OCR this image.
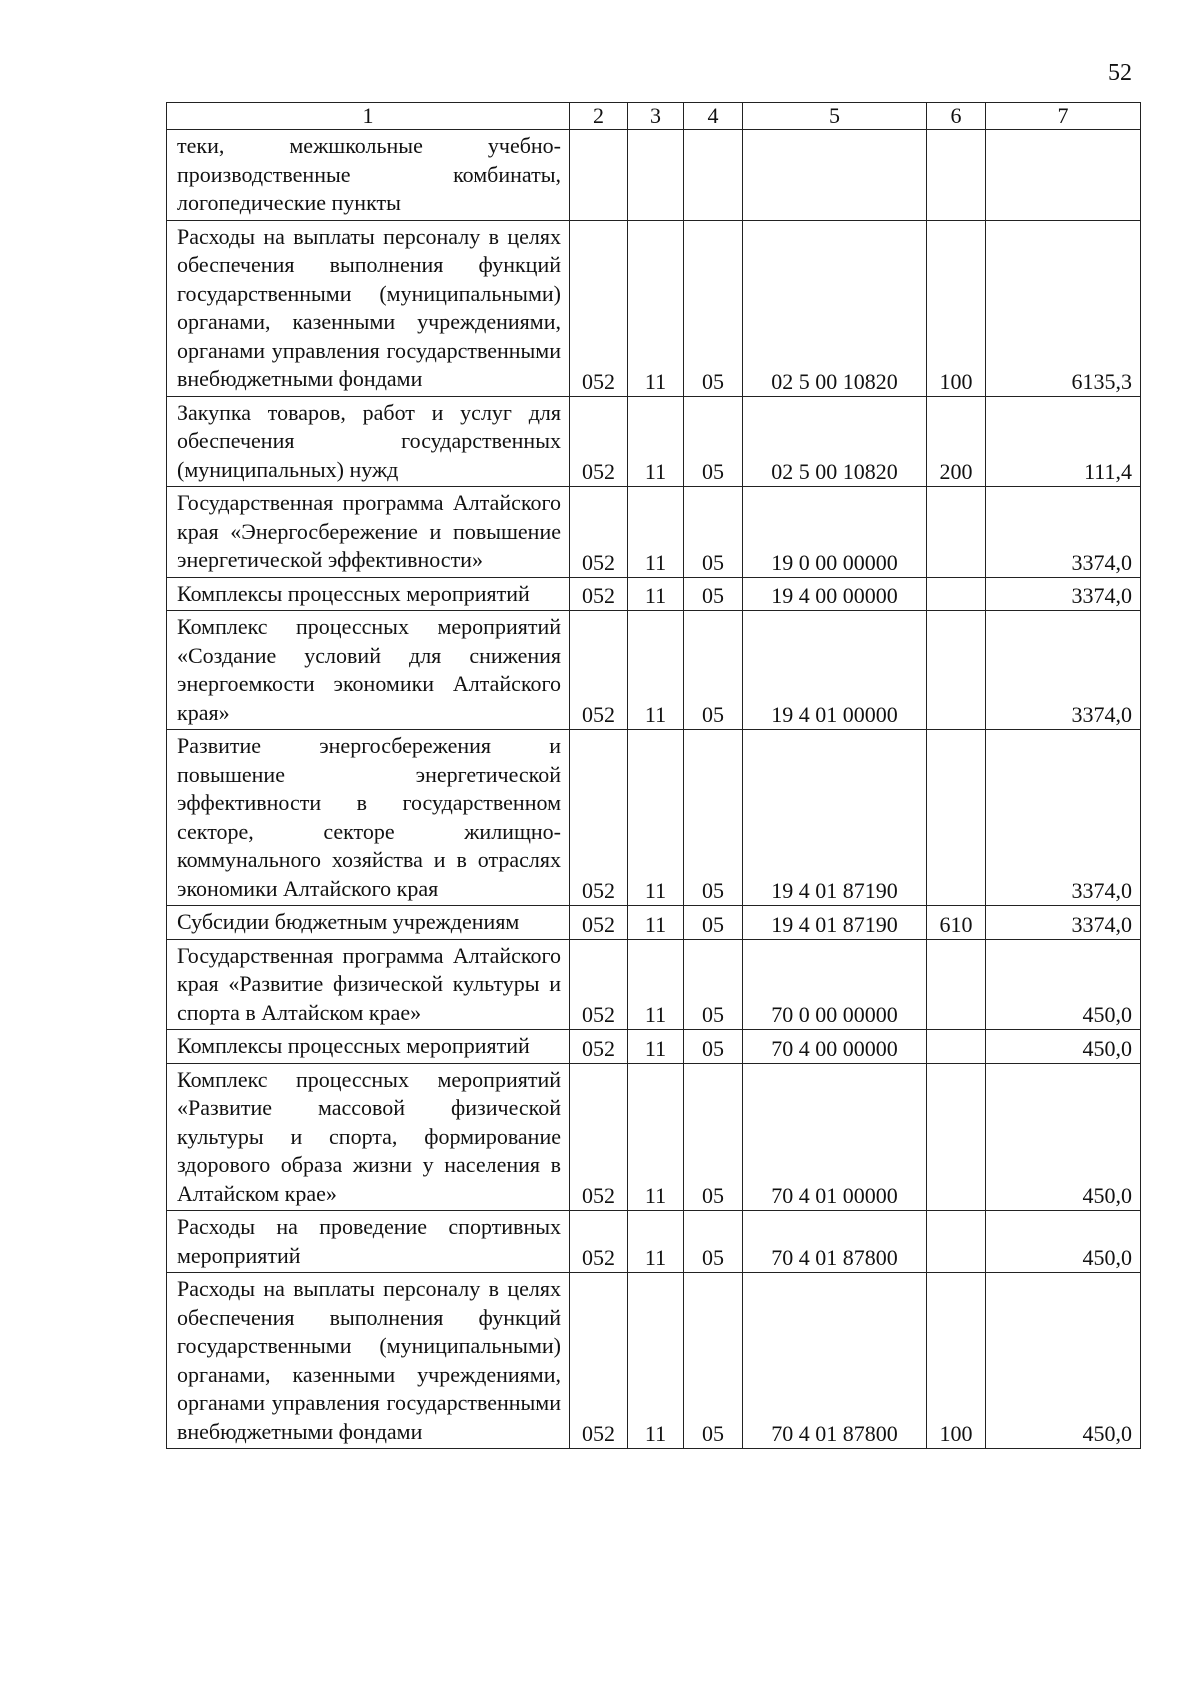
52
1	2	3	4	5	6	7
теки, межшкольные учебно-производственные комбинаты, логопедические пункты						
Расходы на выплаты персоналу в целях обеспечения выполнения функций государственными (муниципальными) органами, казенными учреждениями, органами управления государственными внебюджетными фондами	052	11	05	02 5 00 10820	100	6135,3
Закупка товаров, работ и услуг для обеспечения государственных (муниципальных) нужд	052	11	05	02 5 00 10820	200	111,4
Государственная программа Алтайского края «Энергосбережение и повышение энергетической эффективности»	052	11	05	19 0 00 00000		3374,0
Комплексы процессных мероприятий	052	11	05	19 4 00 00000		3374,0
Комплекс процессных мероприятий «Создание условий для снижения энергоемкости экономики Алтайского края»	052	11	05	19 4 01 00000		3374,0
Развитие энергосбережения и повышение энергетической эффективности в государственном секторе, секторе жилищно-коммунального хозяйства и в отраслях экономики Алтайского края	052	11	05	19 4 01 87190		3374,0
Субсидии бюджетным учреждениям	052	11	05	19 4 01 87190	610	3374,0
Государственная программа Алтайского края «Развитие физической культуры и спорта в Алтайском крае»	052	11	05	70 0 00 00000		450,0
Комплексы процессных мероприятий	052	11	05	70 4 00 00000		450,0
Комплекс процессных мероприятий «Развитие массовой физической культуры и спорта, формирование здорового образа жизни у населения в Алтайском крае»	052	11	05	70 4 01 00000		450,0
Расходы на проведение спортивных мероприятий	052	11	05	70 4 01 87800		450,0
Расходы на выплаты персоналу в целях обеспечения выполнения функций государственными (муниципальными) органами, казенными учреждениями, органами управления государственными внебюджетными фондами	052	11	05	70 4 01 87800	100	450,0
